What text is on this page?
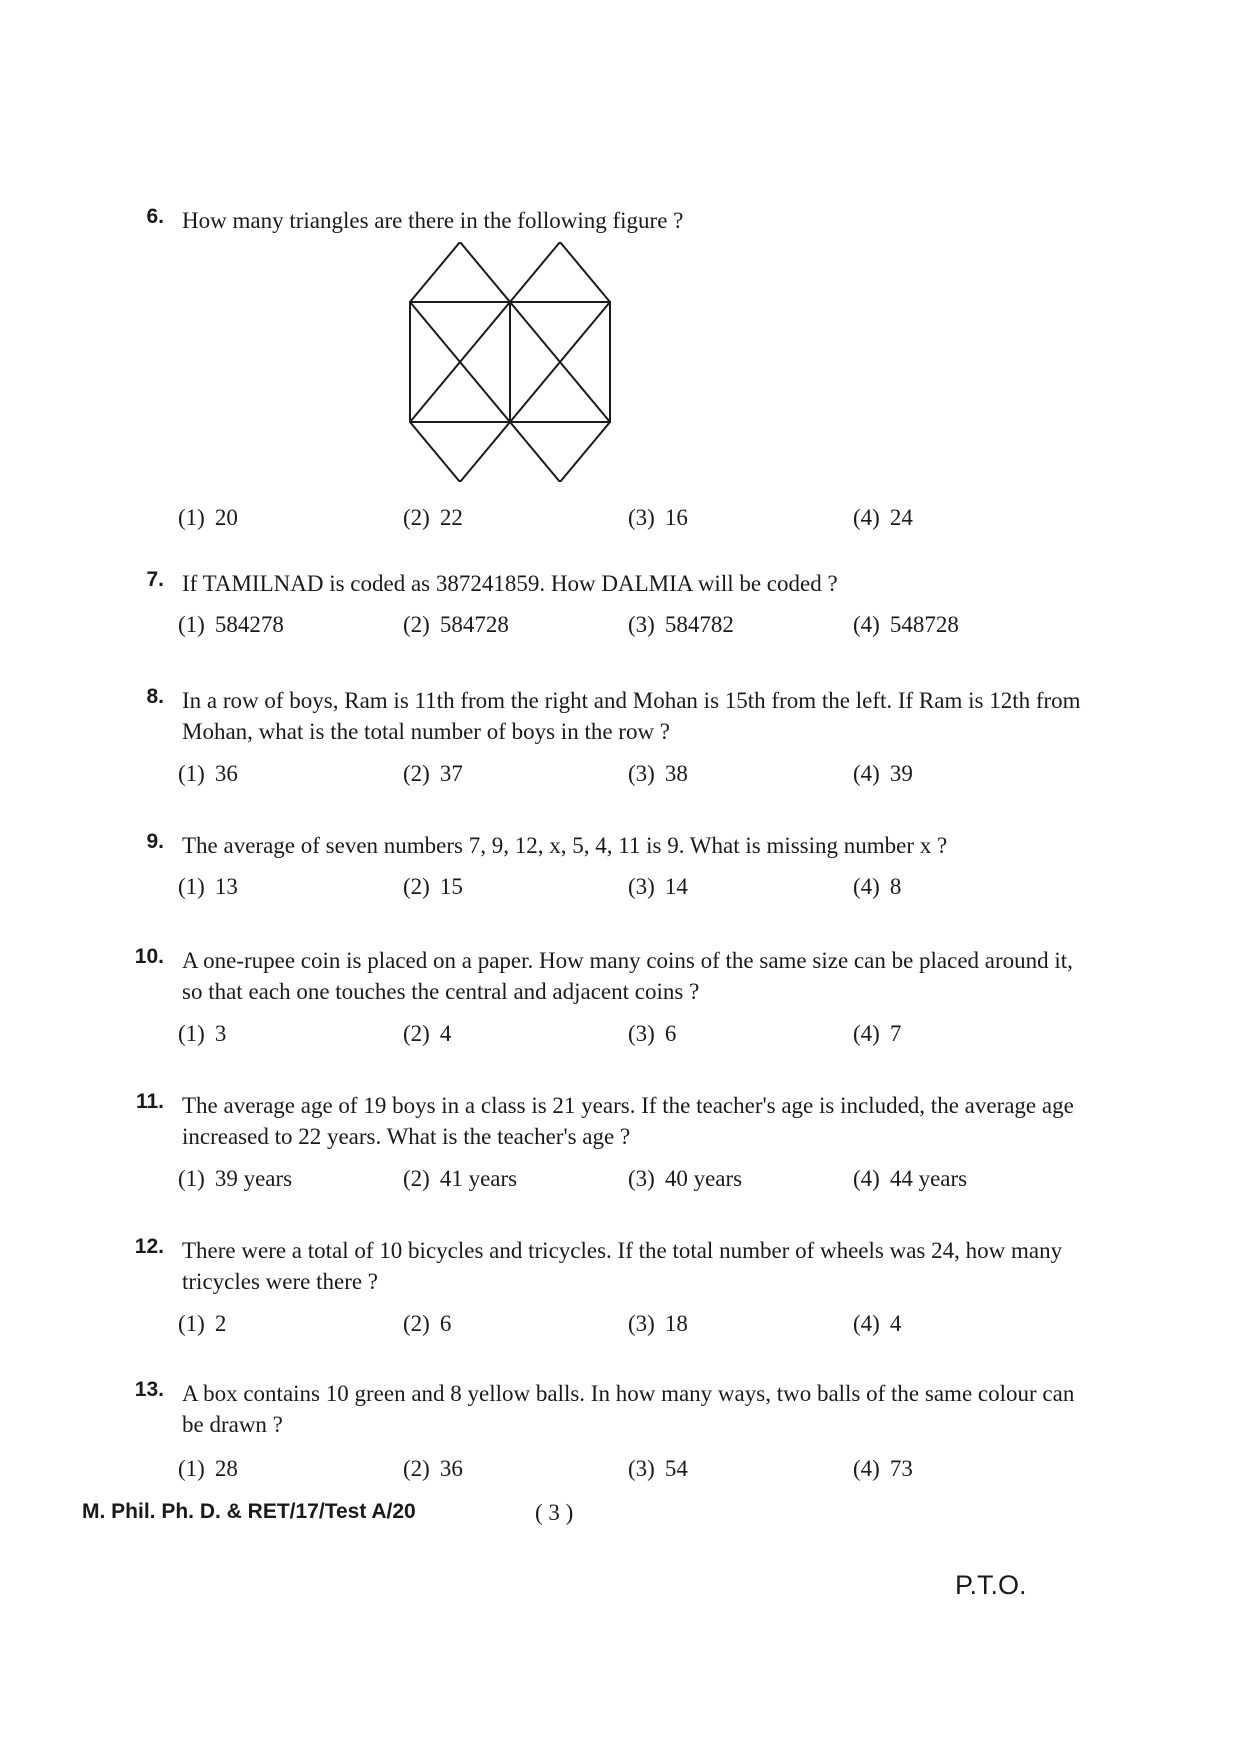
6. How many triangles are there in the following figure ?
(1) 20	(2) 22	(3) 16	(4) 24
7. If TAMILNAD is coded as 387241859. How DALMIA will be coded ?
(1) 584278	(2) 584728	(3) 584782	(4) 548728
8. In a row of boys, Ram is 11th from the right and Mohan is 15th from the left. If Ram is 12th from Mohan, what is the total number of boys in the row ?
(1) 36	(2) 37	(3) 38	(4) 39
9. The average of seven numbers 7, 9, 12, x, 5, 4, 11 is 9. What is missing number x ?
(1) 13	(2) 15	(3) 14	(4) 8
10. A one-rupee coin is placed on a paper. How many coins of the same size can be placed around it, so that each one touches the central and adjacent coins ?
(1) 3	(2) 4	(3) 6	(4) 7
11. The average age of 19 boys in a class is 21 years. If the teacher's age is included, the average age increased to 22 years. What is the teacher's age ?
(1) 39 years	(2) 41 years	(3) 40 years	(4) 44 years
12. There were a total of 10 bicycles and tricycles. If the total number of wheels was 24, how many tricycles were there ?
(1) 2	(2) 6	(3) 18	(4) 4
13. A box contains 10 green and 8 yellow balls. In how many ways, two balls of the same colour can be drawn ?
(1) 28	(2) 36	(3) 54	(4) 73
M. Phil. Ph. D. & RET/17/Test A/20	( 3 )
P.T.O.
